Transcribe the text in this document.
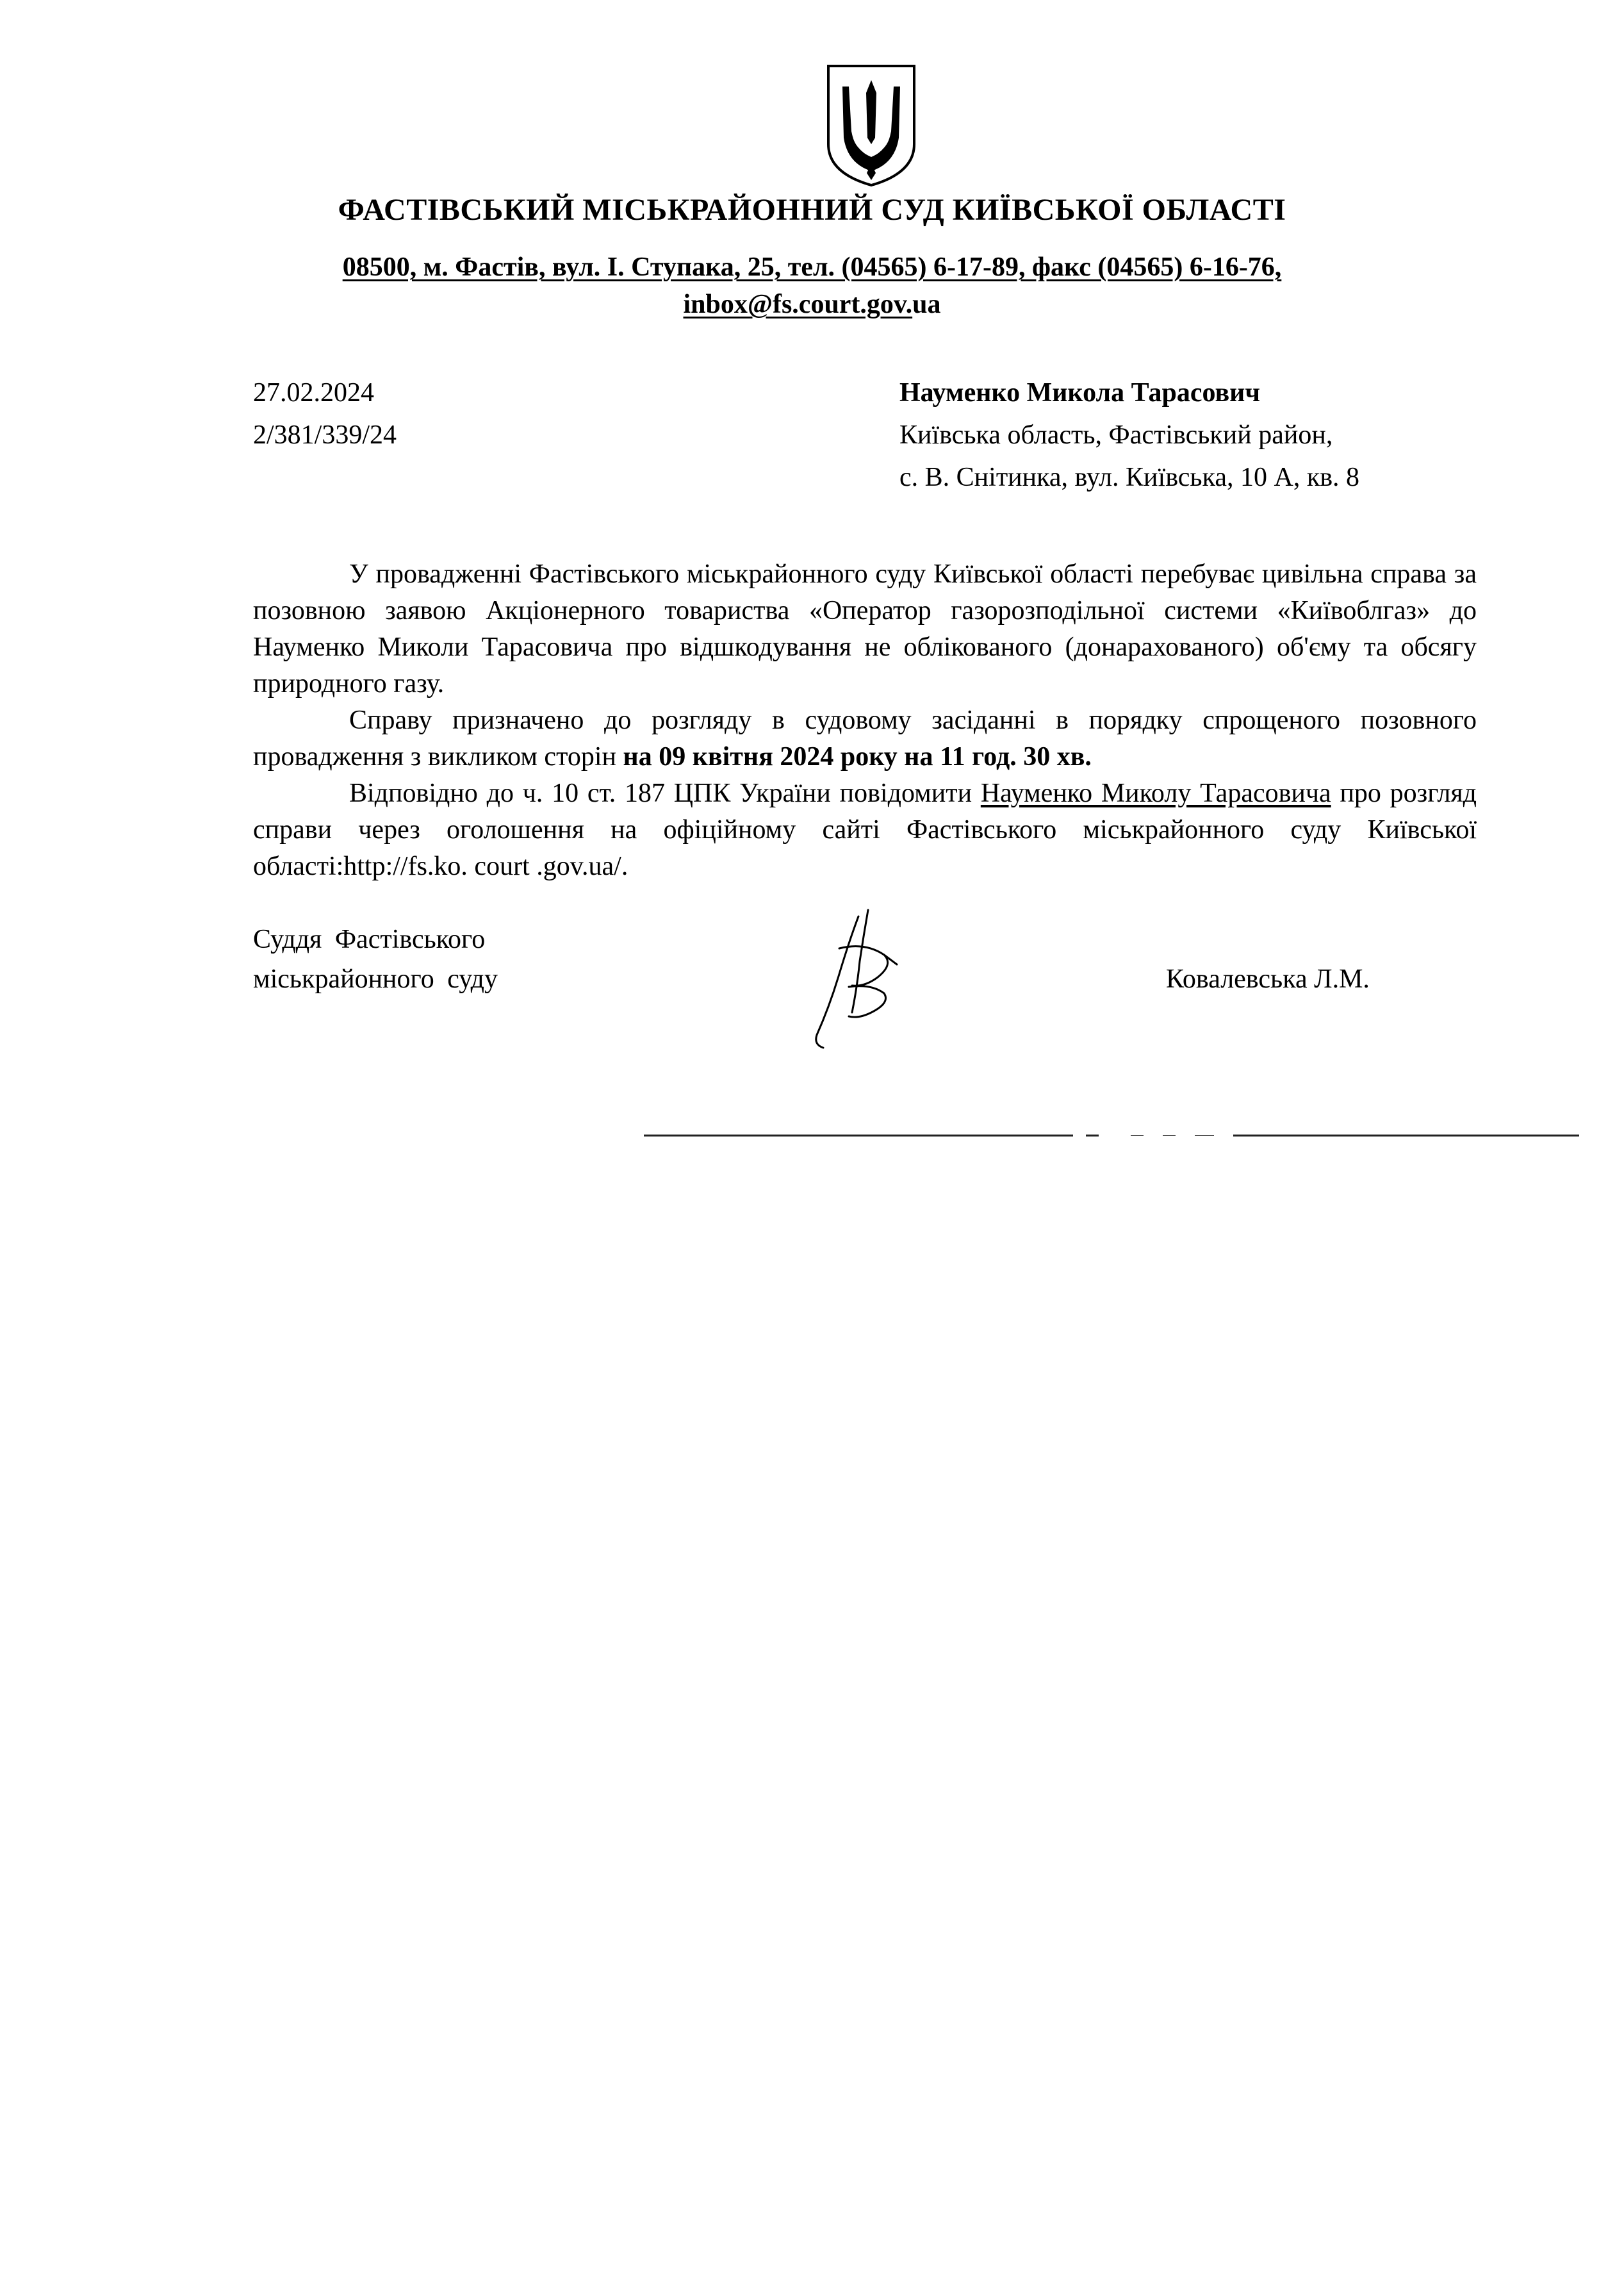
ФАСТІВСЬКИЙ МІСЬКРАЙОННИЙ СУД КИЇВСЬКОЇ ОБЛАСТІ
08500, м. Фастів, вул. І. Ступака, 25, тел. (04565) 6-17-89, факс (04565) 6-16-76,
inbox@fs.court.gov.ua
27.02.2024
2/381/339/24
Науменко Микола Тарасович
Київська область, Фастівський район,
с. В. Снітинка, вул. Київська, 10 А, кв. 8

У провадженні Фастівського міськрайонного суду Київської області перебуває цивільна справа за позовною заявою Акціонерного товариства «Оператор газорозподільної системи «Київоблгаз» до Науменко Миколи Тарасовича про відшкодування не облікованого (донарахованого) об'єму та обсягу природного газу.

Справу призначено до розгляду в судовому засіданні в порядку спрощеного позовного провадження з викликом сторін на 09 квітня 2024 року на 11 год. 30 хв.

Відповідно до ч. 10 ст. 187 ЦПК України повідомити Науменко Миколу Тарасовича про розгляд справи через оголошення на офіційному сайті Фастівського міськрайонного суду Київської області:http://fs.ko. court .gov.ua/.

Суддя Фастівського
міськрайонного суду	Ковалевська Л.М.
